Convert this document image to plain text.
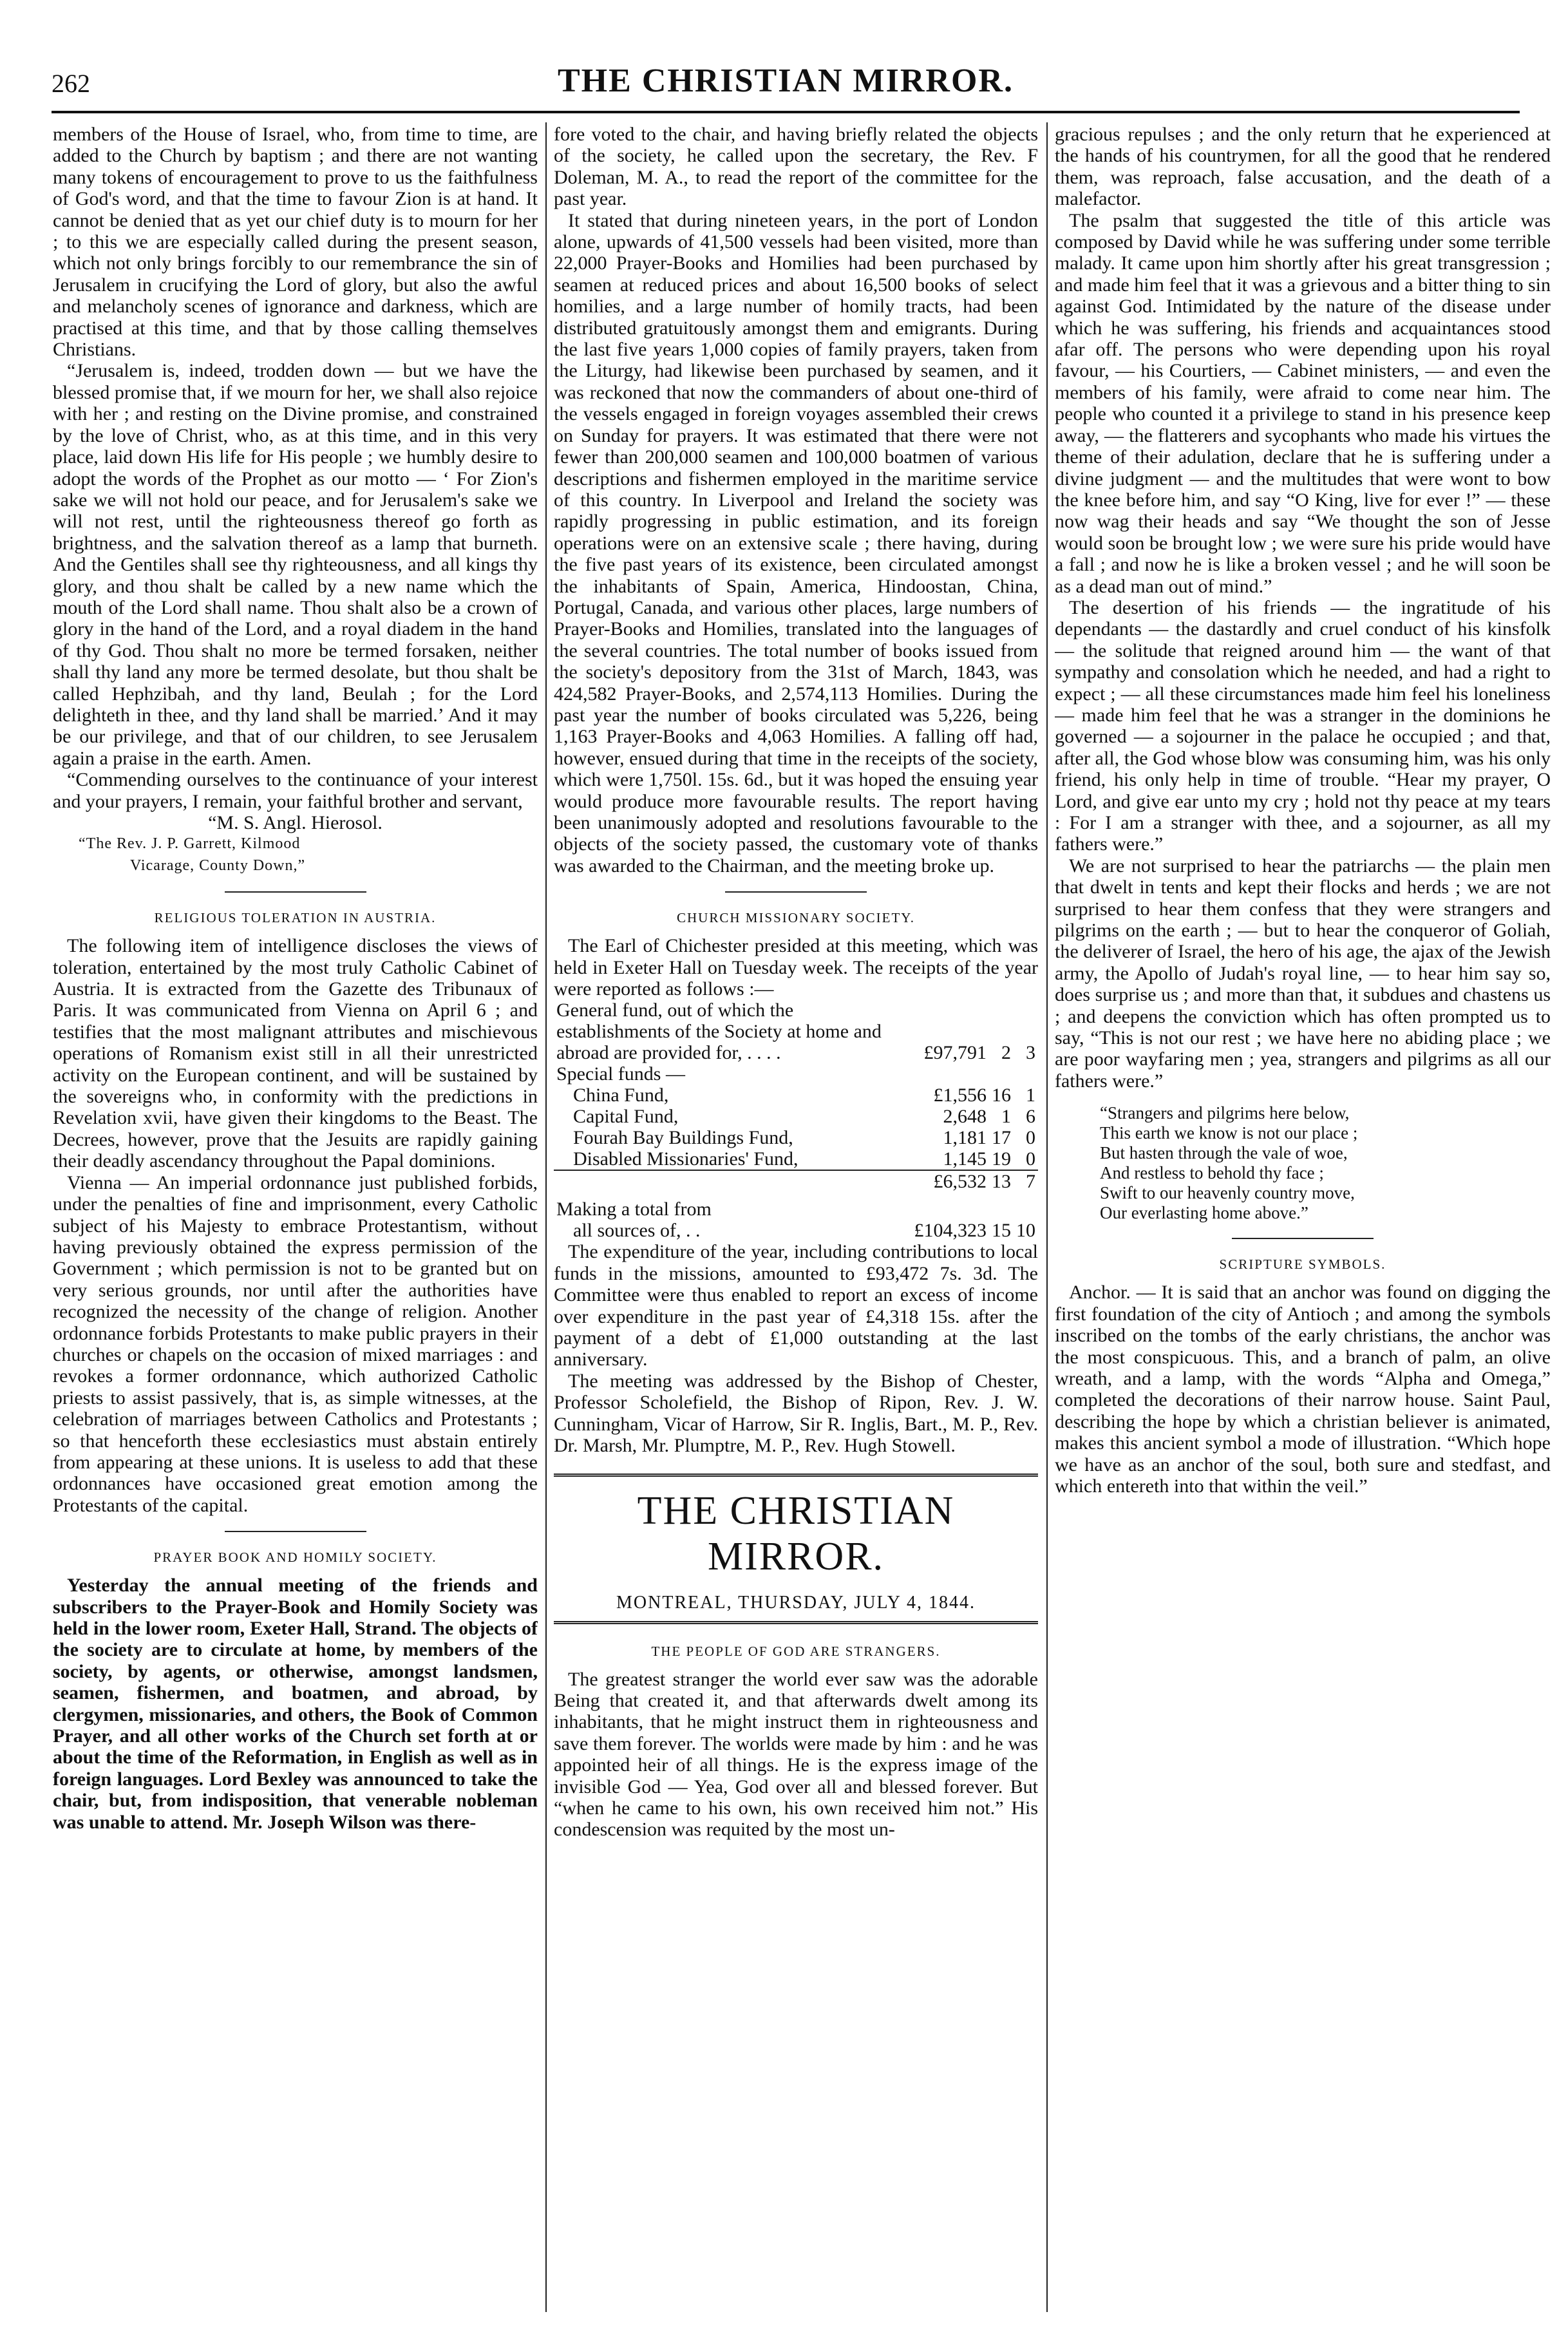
262	THE CHRISTIAN MIRROR.

members of the House of Israel, who, from time to time, are added to the Church by baptism ; and there are not wanting many tokens of encouragement to prove to us the faithfulness of God's word, and that the time to favour Zion is at hand. It cannot be denied that as yet our chief duty is to mourn for her ; to this we are especially called during the present season, which not only brings forcibly to our remembrance the sin of Jerusalem in crucifying the Lord of glory, but also the awful and melancholy scenes of ignorance and darkness, which are practised at this time, and that by those calling themselves Christians.

“Jerusalem is, indeed, trodden down — but we have the blessed promise that, if we mourn for her, we shall also rejoice with her ; and resting on the Divine promise, and constrained by the love of Christ, who, as at this time, and in this very place, laid down His life for His people ; we humbly desire to adopt the words of the Prophet as our motto — ‘ For Zion's sake we will not hold our peace, and for Jerusalem's sake we will not rest, until the righteousness thereof go forth as brightness, and the salvation thereof as a lamp that burneth. And the Gentiles shall see thy righteousness, and all kings thy glory, and thou shalt be called by a new name which the mouth of the Lord shall name. Thou shalt also be a crown of glory in the hand of the Lord, and a royal diadem in the hand of thy God. Thou shalt no more be termed forsaken, neither shall thy land any more be termed desolate, but thou shalt be called Hephzibah, and thy land, Beulah ; for the Lord delighteth in thee, and thy land shall be married.’ And it may be our privilege, and that of our children, to see Jerusalem again a praise in the earth. Amen.

“Commending ourselves to the continuance of your interest and your prayers, I remain, your faithful brother and servant,

“M. S. Angl. Hierosol.

“The Rev. J. P. Garrett, Kilmood

Vicarage, County Down,”

RELIGIOUS TOLERATION IN AUSTRIA.

The following item of intelligence discloses the views of toleration, entertained by the most truly Catholic Cabinet of Austria. It is extracted from the Gazette des Tribunaux of Paris. It was communicated from Vienna on April 6 ; and testifies that the most malignant attributes and mischievous operations of Romanism exist still in all their unrestricted activity on the European continent, and will be sustained by the sovereigns who, in conformity with the predictions in Revelation xvii, have given their kingdoms to the Beast. The Decrees, however, prove that the Jesuits are rapidly gaining their deadly ascendancy throughout the Papal dominions.

Vienna — An imperial ordonnance just published forbids, under the penalties of fine and imprisonment, every Catholic subject of his Majesty to embrace Protestantism, without having previously obtained the express permission of the Government ; which permission is not to be granted but on very serious grounds, nor until after the authorities have recognized the necessity of the change of religion. Another ordonnance forbids Protestants to make public prayers in their churches or chapels on the occasion of mixed marriages : and revokes a former ordonnance, which authorized Catholic priests to assist passively, that is, as simple witnesses, at the celebration of marriages between Catholics and Protestants ; so that henceforth these ecclesiastics must abstain entirely from appearing at these unions. It is useless to add that these ordonnances have occasioned great emotion among the Protestants of the capital.

PRAYER BOOK AND HOMILY SOCIETY.

Yesterday the annual meeting of the friends and subscribers to the Prayer-Book and Homily Society was held in the lower room, Exeter Hall, Strand. The objects of the society are to circulate at home, by members of the society, by agents, or otherwise, amongst landsmen, seamen, fishermen, and boatmen, and abroad, by clergymen, missionaries, and others, the Book of Common Prayer, and all other works of the Church set forth at or about the time of the Reformation, in English as well as in foreign languages. Lord Bexley was announced to take the chair, but, from indisposition, that venerable nobleman was unable to attend. Mr. Joseph Wilson was there-

fore voted to the chair, and having briefly related the objects of the society, he called upon the secretary, the Rev. F Doleman, M. A., to read the report of the committee for the past year.

It stated that during nineteen years, in the port of London alone, upwards of 41,500 vessels had been visited, more than 22,000 Prayer-Books and Homilies had been purchased by seamen at reduced prices and about 16,500 books of select homilies, and a large number of homily tracts, had been distributed gratuitously amongst them and emigrants. During the last five years 1,000 copies of family prayers, taken from the Liturgy, had likewise been purchased by seamen, and it was reckoned that now the commanders of about one-third of the vessels engaged in foreign voyages assembled their crews on Sunday for prayers. It was estimated that there were not fewer than 200,000 seamen and 100,000 boatmen of various descriptions and fishermen employed in the maritime service of this country. In Liverpool and Ireland the society was rapidly progressing in public estimation, and its foreign operations were on an extensive scale ; there having, during the five past years of its existence, been circulated amongst the inhabitants of Spain, America, Hindoostan, China, Portugal, Canada, and various other places, large numbers of Prayer-Books and Homilies, translated into the languages of the several countries. The total number of books issued from the society's depository from the 31st of March, 1843, was 424,582 Prayer-Books, and 2,574,113 Homilies. During the past year the number of books circulated was 5,226, being 1,163 Prayer-Books and 4,063 Homilies. A falling off had, however, ensued during that time in the receipts of the society, which were 1,750l. 15s. 6d., but it was hoped the ensuing year would produce more favourable results. The report having been unanimously adopted and resolutions favourable to the objects of the society passed, the customary vote of thanks was awarded to the Chairman, and the meeting broke up.

CHURCH MISSIONARY SOCIETY.

The Earl of Chichester presided at this meeting, which was held in Exeter Hall on Tuesday week. The receipts of the year were reported as follows :—

General fund, out of which the establishments of the Society at home and abroad are provided for, . . . .	£97,791	2	3
Special funds —			
China Fund,	£1,556	16	1
Capital Fund,	2,648	1	6
Fourah Bay Buildings Fund,	1,181	17	0
Disabled Missionaries' Fund,	1,145	19	0
	£6,532	13	7
Making a total from			
all sources of, . .	£104,323	15	10

The expenditure of the year, including contributions to local funds in the missions, amounted to £93,472 7s. 3d. The Committee were thus enabled to report an excess of income over expenditure in the past year of £4,318 15s. after the payment of a debt of £1,000 outstanding at the last anniversary.

The meeting was addressed by the Bishop of Chester, Professor Scholefield, the Bishop of Ripon, Rev. J. W. Cunningham, Vicar of Harrow, Sir R. Inglis, Bart., M. P., Rev. Dr. Marsh, Mr. Plumptre, M. P., Rev. Hugh Stowell.

THE CHRISTIAN MIRROR.
MONTREAL, THURSDAY, JULY 4, 1844.
THE PEOPLE OF GOD ARE STRANGERS.

The greatest stranger the world ever saw was the adorable Being that created it, and that afterwards dwelt among its inhabitants, that he might instruct them in righteousness and save them forever. The worlds were made by him : and he was appointed heir of all things. He is the express image of the invisible God — Yea, God over all and blessed forever. But “when he came to his own, his own received him not.” His condescension was requited by the most un-

gracious repulses ; and the only return that he experienced at the hands of his countrymen, for all the good that he rendered them, was reproach, false accusation, and the death of a malefactor.

The psalm that suggested the title of this article was composed by David while he was suffering under some terrible malady. It came upon him shortly after his great transgression ; and made him feel that it was a grievous and a bitter thing to sin against God. Intimidated by the nature of the disease under which he was suffering, his friends and acquaintances stood afar off. The persons who were depending upon his royal favour, — his Courtiers, — Cabinet ministers, — and even the members of his family, were afraid to come near him. The people who counted it a privilege to stand in his presence keep away, — the flatterers and sycophants who made his virtues the theme of their adulation, declare that he is suffering under a divine judgment — and the multitudes that were wont to bow the knee before him, and say “O King, live for ever !” — these now wag their heads and say “We thought the son of Jesse would soon be brought low ; we were sure his pride would have a fall ; and now he is like a broken vessel ; and he will soon be as a dead man out of mind.”

The desertion of his friends — the ingratitude of his dependants — the dastardly and cruel conduct of his kinsfolk — the solitude that reigned around him — the want of that sympathy and consolation which he needed, and had a right to expect ; — all these circumstances made him feel his loneliness — made him feel that he was a stranger in the dominions he governed — a sojourner in the palace he occupied ; and that, after all, the God whose blow was consuming him, was his only friend, his only help in time of trouble. “Hear my prayer, O Lord, and give ear unto my cry ; hold not thy peace at my tears : For I am a stranger with thee, and a sojourner, as all my fathers were.”

We are not surprised to hear the patriarchs — the plain men that dwelt in tents and kept their flocks and herds ; we are not surprised to hear them confess that they were strangers and pilgrims on the earth ; — but to hear the conqueror of Goliah, the deliverer of Israel, the hero of his age, the ajax of the Jewish army, the Apollo of Judah's royal line, — to hear him say so, does surprise us ; and more than that, it subdues and chastens us ; and deepens the conviction which has often prompted us to say, “This is not our rest ; we have here no abiding place ; we are poor wayfaring men ; yea, strangers and pilgrims as all our fathers were.”

“Strangers and pilgrims here below,
This earth we know is not our place ;
But hasten through the vale of woe,
And restless to behold thy face ;
Swift to our heavenly country move,
Our everlasting home above.”
SCRIPTURE SYMBOLS.

Anchor. — It is said that an anchor was found on digging the first foundation of the city of Antioch ; and among the symbols inscribed on the tombs of the early christians, the anchor was the most conspicuous. This, and a branch of palm, an olive wreath, and a lamp, with the words “Alpha and Omega,” completed the decorations of their narrow house. Saint Paul, describing the hope by which a christian believer is animated, makes this ancient symbol a mode of illustration. “Which hope we have as an anchor of the soul, both sure and stedfast, and which entereth into that within the veil.”
